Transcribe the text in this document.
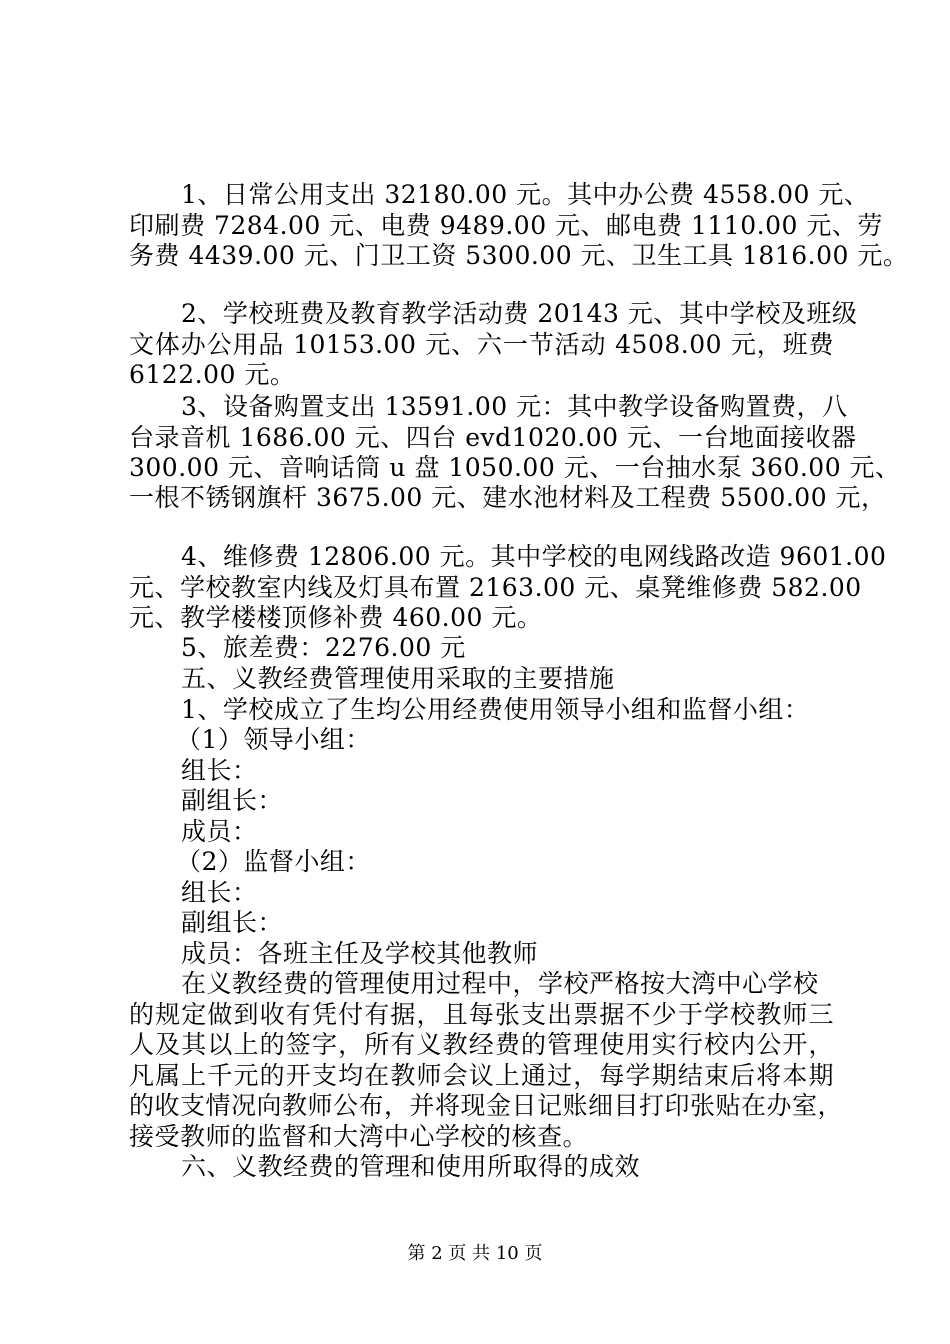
1、日常公用支出 32180.00 元。其中办公费 4558.00 元、
印刷费 7284.00 元、电费 9489.00 元、邮电费 1110.00 元、劳
务费 4439.00 元、门卫工资 5300.00 元、卫生工具 1816.00 元。
2、学校班费及教育教学活动费 20143 元、其中学校及班级
文体办公用品 10153.00 元、六一节活动 4508.00 元，班费
6122.00 元。
3、设备购置支出 13591.00 元：其中教学设备购置费，八
台录音机 1686.00 元、四台 evd1020.00 元、一台地面接收器
300.00 元、音响话筒 u 盘 1050.00 元、一台抽水泵 360.00 元、
一根不锈钢旗杆 3675.00 元、建水池材料及工程费 5500.00 元，
4、维修费 12806.00 元。其中学校的电网线路改造 9601.00
元、学校教室内线及灯具布置 2163.00 元、桌凳维修费 582.00
元、教学楼楼顶修补费 460.00 元。
5、旅差费：2276.00 元
五、义教经费管理使用采取的主要措施
1、学校成立了生均公用经费使用领导小组和监督小组：
（1）领导小组：
组长：
副组长：
成员：
（2）监督小组：
组长：
副组长：
成员：各班主任及学校其他教师
在义教经费的管理使用过程中，学校严格按大湾中心学校
的规定做到收有凭付有据，且每张支出票据不少于学校教师三
人及其以上的签字，所有义教经费的管理使用实行校内公开，
凡属上千元的开支均在教师会议上通过，每学期结束后将本期
的收支情况向教师公布，并将现金日记账细目打印张贴在办室，
接受教师的监督和大湾中心学校的核查。
六、义教经费的管理和使用所取得的成效
第 2 页 共 10 页
